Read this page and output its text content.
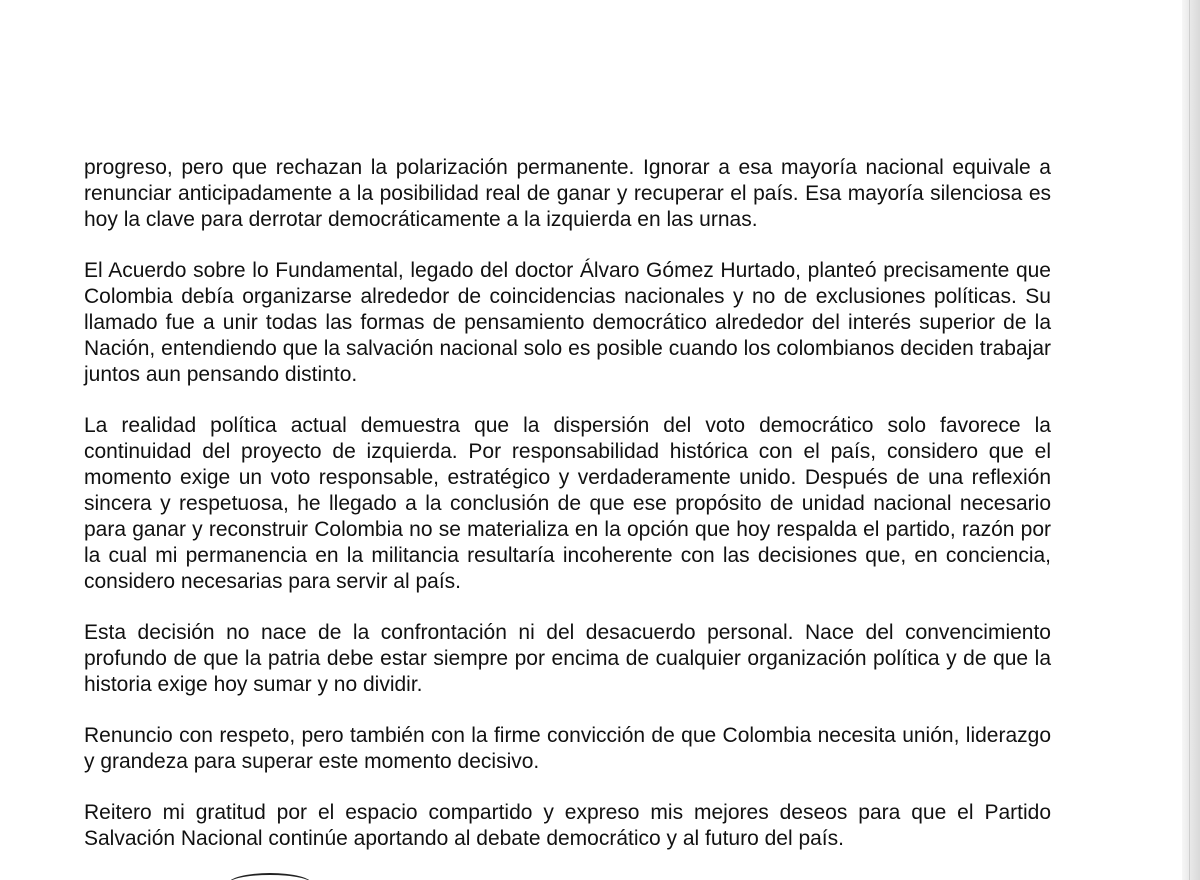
progreso, pero que rechazan la polarización permanente. Ignorar a esa mayoría nacional equivale a renunciar anticipadamente a la posibilidad real de ganar y recuperar el país. Esa mayoría silenciosa es hoy la clave para derrotar democráticamente a la izquierda en las urnas.

El Acuerdo sobre lo Fundamental, legado del doctor Álvaro Gómez Hurtado, planteó precisamente que Colombia debía organizarse alrededor de coincidencias nacionales y no de exclusiones políticas. Su llamado fue a unir todas las formas de pensamiento democrático alrededor del interés superior de la Nación, entendiendo que la salvación nacional solo es posible cuando los colombianos deciden trabajar juntos aun pensando distinto.

La realidad política actual demuestra que la dispersión del voto democrático solo favorece la continuidad del proyecto de izquierda. Por responsabilidad histórica con el país, considero que el momento exige un voto responsable, estratégico y verdaderamente unido. Después de una reflexión sincera y respetuosa, he llegado a la conclusión de que ese propósito de unidad nacional necesario para ganar y reconstruir Colombia no se materializa en la opción que hoy respalda el partido, razón por la cual mi permanencia en la militancia resultaría incoherente con las decisiones que, en conciencia, considero necesarias para servir al país.

Esta decisión no nace de la confrontación ni del desacuerdo personal. Nace del convencimiento profundo de que la patria debe estar siempre por encima de cualquier organización política y de que la historia exige hoy sumar y no dividir.

Renuncio con respeto, pero también con la firme convicción de que Colombia necesita unión, liderazgo y grandeza para superar este momento decisivo.

Reitero mi gratitud por el espacio compartido y expreso mis mejores deseos para que el Partido Salvación Nacional continúe aportando al debate democrático y al futuro del país.
